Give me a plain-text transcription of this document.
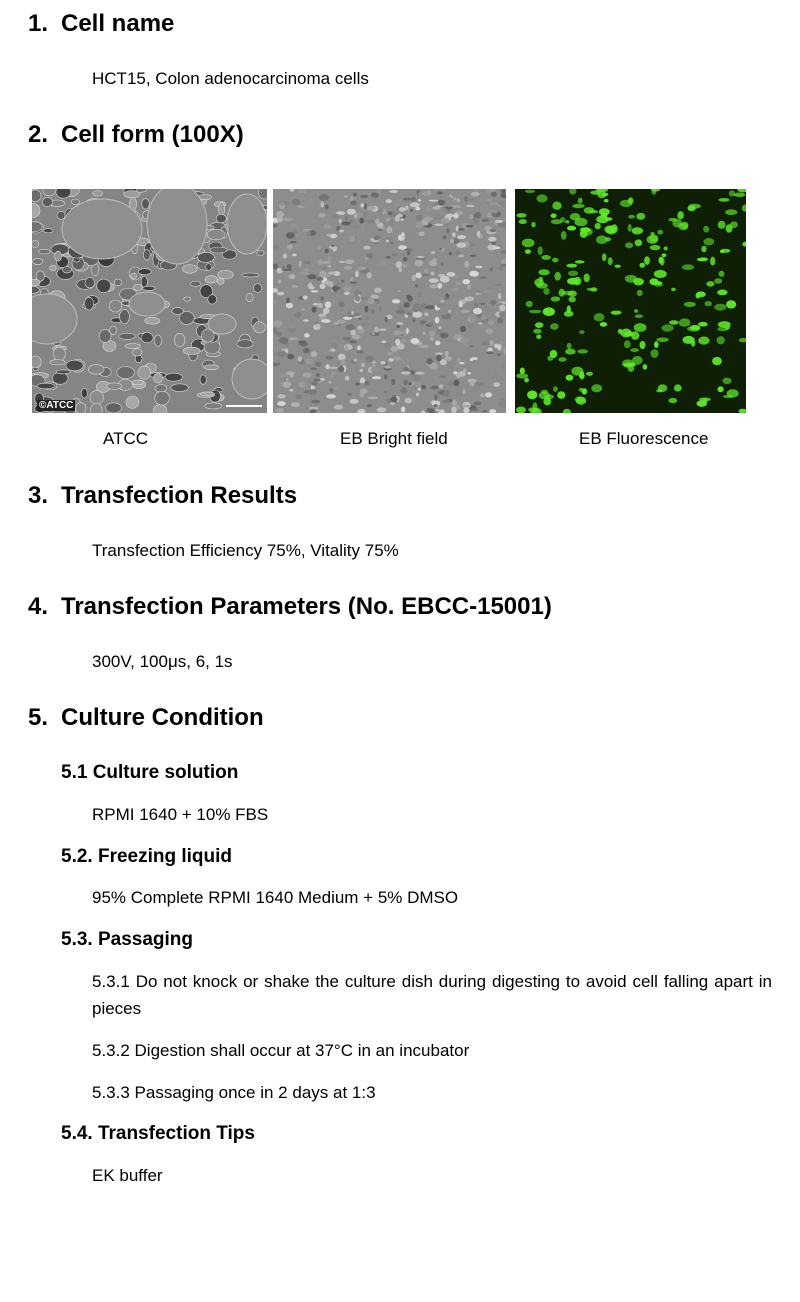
1. Cell name
HCT15, Colon adenocarcinoma cells
2. Cell form (100X)
©ATCC
ATCC	EB Bright field	EB Fluorescence
3. Transfection Results
Transfection Efficiency 75%, Vitality 75%
4. Transfection Parameters (No. EBCC-15001)
300V, 100μs, 6, 1s
5. Culture Condition
5.1 Culture solution
RPMI 1640 + 10% FBS
5.2. Freezing liquid
95% Complete RPMI 1640 Medium + 5% DMSO
5.3. Passaging
5.3.1 Do not knock or shake the culture dish during digesting to avoid cell falling apart in pieces
5.3.2 Digestion shall occur at 37°C in an incubator
5.3.3 Passaging once in 2 days at 1:3
5.4. Transfection Tips
EK buffer
